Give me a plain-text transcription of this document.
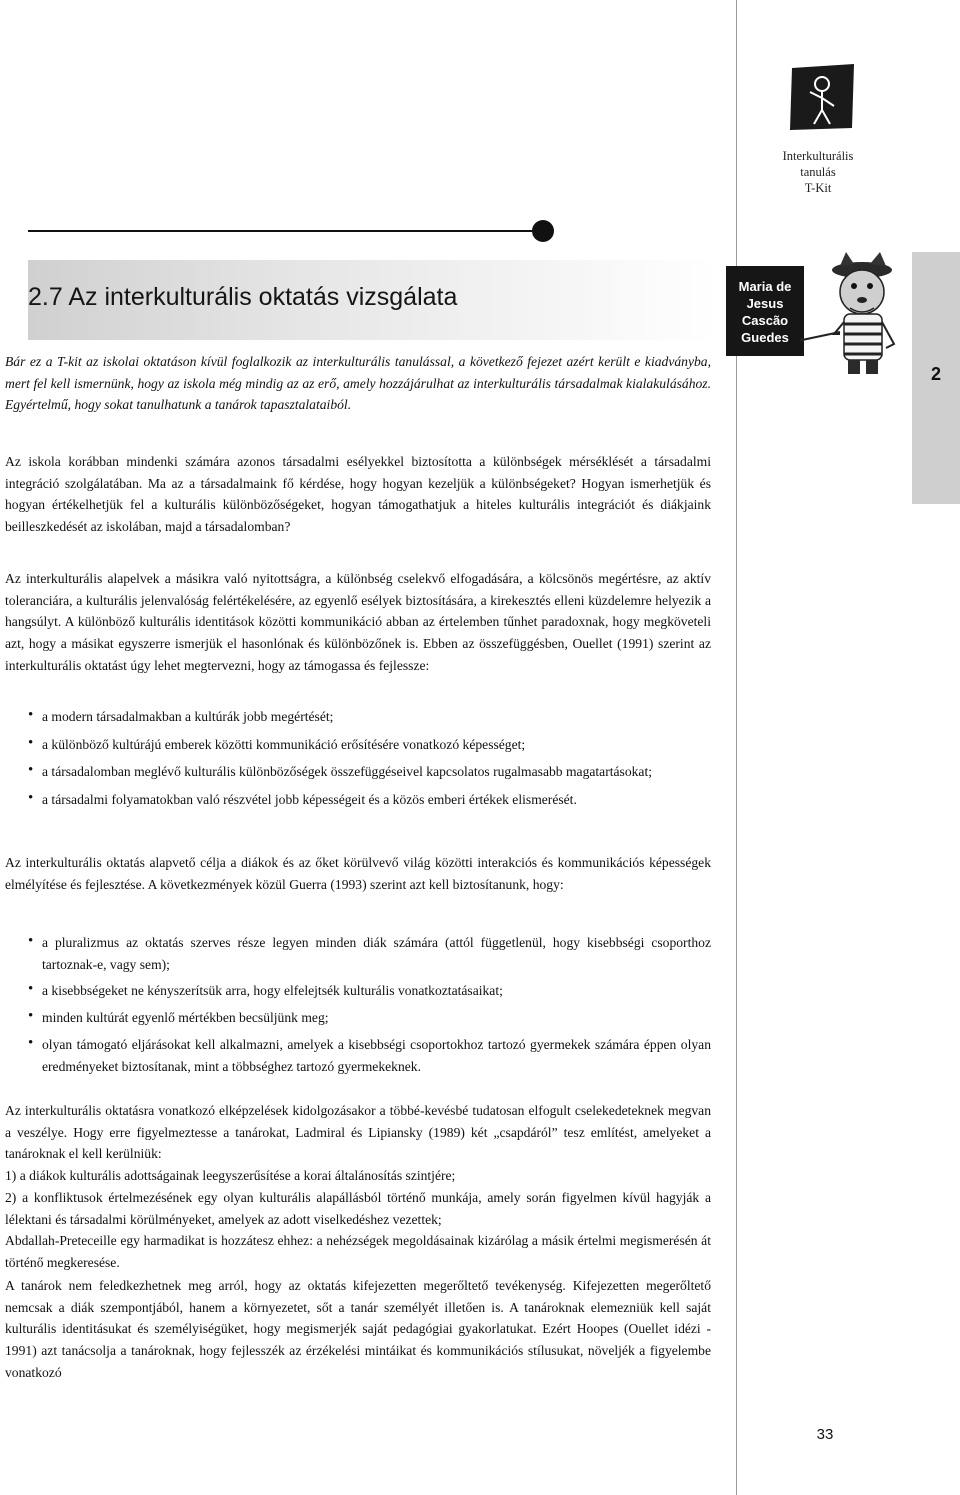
Interkulturális
tanulás
T-Kit
2.7 Az interkulturális oktatás vizsgálata	Maria de
Jesus
Cascão
Guedes
2
Bár ez a T-kit az iskolai oktatáson kívül foglalkozik az interkulturális tanulással, a következő fejezet azért került e kiadványba, mert fel kell ismernünk, hogy az iskola még mindig az az erő, amely hozzájárulhat az interkulturális társadalmak kialakulásához. Egyértelmű, hogy sokat tanulhatunk a tanárok tapasztalataiból.
Az iskola korábban mindenki számára azonos társadalmi esélyekkel biztosította a különbségek mérséklését a társadalmi integráció szolgálatában. Ma az a társadalmaink fő kérdése, hogy hogyan kezeljük a különbségeket? Hogyan ismerhetjük és hogyan értékelhetjük fel a kulturális különbözőségeket, hogyan támogathatjuk a hiteles kulturális integrációt és diákjaink beilleszkedését az iskolában, majd a társadalomban?
Az interkulturális alapelvek a másikra való nyitottságra, a különbség cselekvő elfogadására, a kölcsönös megértésre, az aktív toleranciára, a kulturális jelenvalóság felértékelésére, az egyenlő esélyek biztosítására, a kirekesztés elleni küzdelemre helyezik a hangsúlyt. A különböző kulturális identitások közötti kommunikáció abban az értelemben tűnhet paradoxnak, hogy megköveteli azt, hogy a másikat egyszerre ismerjük el hasonlónak és különbözőnek is. Ebben az összefüggésben, Ouellet (1991) szerint az interkulturális oktatást úgy lehet megtervezni, hogy az támogassa és fejlessze:
• a modern társadalmakban a kultúrák jobb megértését;
• a különböző kultúrájú emberek közötti kommunikáció erősítésére vonatkozó képességet;
• a társadalomban meglévő kulturális különbözőségek összefüggéseivel kapcsolatos rugalmasabb magatartásokat;
• a társadalmi folyamatokban való részvétel jobb képességeit és a közös emberi értékek elismerését.
Az interkulturális oktatás alapvető célja a diákok és az őket körülvevő világ közötti interakciós és kommunikációs képességek elmélyítése és fejlesztése. A következmények közül Guerra (1993) szerint azt kell biztosítanunk, hogy:
• a pluralizmus az oktatás szerves része legyen minden diák számára (attól függetlenül, hogy kisebbségi csoporthoz tartoznak-e, vagy sem);
• a kisebbségeket ne kényszerítsük arra, hogy elfelejtsék kulturális vonatkoztatásaikat;
• minden kultúrát egyenlő mértékben becsüljünk meg;
• olyan támogató eljárásokat kell alkalmazni, amelyek a kisebbségi csoportokhoz tartozó gyermekek számára éppen olyan eredményeket biztosítanak, mint a többséghez tartozó gyermekeknek.
Az interkulturális oktatásra vonatkozó elképzelések kidolgozásakor a többé-kevésbé tudatosan elfogult cselekedeteknek megvan a veszélye. Hogy erre figyelmeztesse a tanárokat, Ladmiral és Lipiansky (1989) két „csapdáról” tesz említést, amelyeket a tanároknak el kell kerülniük:
1) a diákok kulturális adottságainak leegyszerűsítése a korai általánosítás szintjére;
2) a konfliktusok értelmezésének egy olyan kulturális alapállásból történő munkája, amely során figyelmen kívül hagyják a lélektani és társadalmi körülményeket, amelyek az adott viselkedéshez vezettek;
Abdallah-Preteceille egy harmadikat is hozzátesz ehhez: a nehézségek megoldásainak kizárólag a másik értelmi megismerésén át történő megkeresése.
A tanárok nem feledkezhetnek meg arról, hogy az oktatás kifejezetten megerőltető tevékenység. Kifejezetten megerőltető nemcsak a diák szempontjából, hanem a környezetet, sőt a tanár személyét illetően is. A tanároknak elemezniük kell saját kulturális identitásukat és személyiségüket, hogy megismerjék saját pedagógiai gyakorlatukat. Ezért Hoopes (Ouellet idézi - 1991) azt tanácsolja a tanároknak, hogy fejlesszék az érzékelési mintáikat és kommunikációs stílusukat, növeljék a figyelembe vonatkozó
33
